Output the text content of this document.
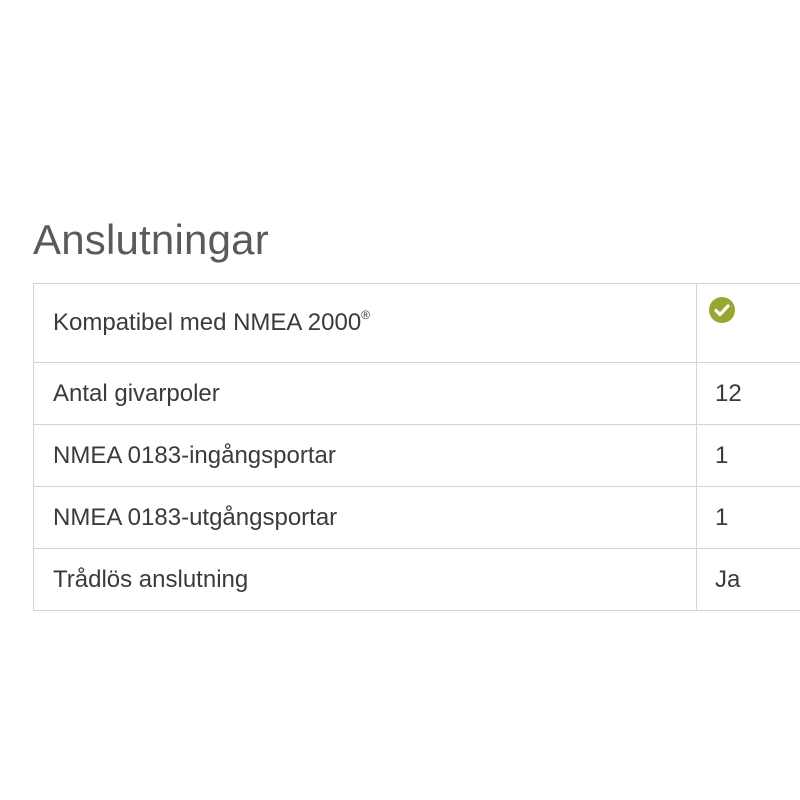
Anslutningar
Kompatibel med NMEA 2000®	
Antal givarpoler	12
NMEA 0183-ingångsportar	1
NMEA 0183-utgångsportar	1
Trådlös anslutning	Ja
